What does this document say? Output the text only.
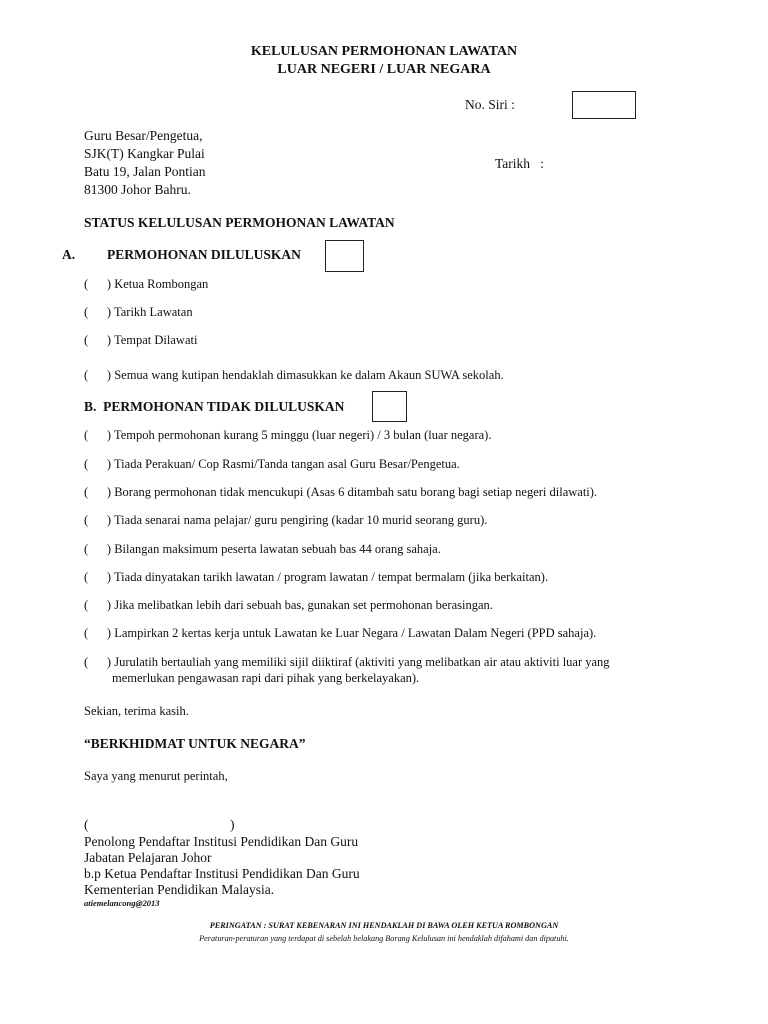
KELULUSAN PERMOHONAN LAWATAN
LUAR NEGERI / LUAR NEGARA
No. Siri :
Guru Besar/Pengetua,
SJK(T) Kangkar Pulai
Batu 19, Jalan Pontian
81300 Johor Bahru.
Tarikh   :
STATUS KELULUSAN PERMOHONAN LAWATAN
A. PERMOHONAN DILULUSKAN
(      ) Ketua Rombongan
(      ) Tarikh Lawatan
(      ) Tempat Dilawati
(      ) Semua wang kutipan hendaklah dimasukkan ke dalam Akaun SUWA sekolah.
B.  PERMOHONAN TIDAK DILULUSKAN
(      ) Tempoh permohonan kurang 5 minggu (luar negeri) / 3 bulan (luar negara).
(      ) Tiada Perakuan/ Cop Rasmi/Tanda tangan asal Guru Besar/Pengetua.
(      ) Borang permohonan tidak mencukupi (Asas 6 ditambah satu borang bagi setiap negeri dilawati).
(      ) Tiada senarai nama pelajar/ guru pengiring (kadar 10 murid seorang guru).
(      ) Bilangan maksimum peserta lawatan sebuah bas 44 orang sahaja.
(      ) Tiada dinyatakan tarikh lawatan / program lawatan / tempat bermalam (jika berkaitan).
(      ) Jika melibatkan lebih dari sebuah bas, gunakan set permohonan berasingan.
(      ) Lampirkan 2 kertas kerja untuk Lawatan ke Luar Negara / Lawatan Dalam Negeri (PPD sahaja).
(      ) Jurulatih bertauliah yang memiliki sijil diiktiraf (aktiviti yang melibatkan air atau aktiviti luar yang
memerlukan pengawasan rapi dari pihak yang berkelayakan).
Sekian, terima kasih.
“BERKHIDMAT UNTUK NEGARA”
Saya yang menurut perintah,
(	)
Penolong Pendaftar Institusi Pendidikan Dan Guru
Jabatan Pelajaran Johor
b.p Ketua Pendaftar Institusi Pendidikan Dan Guru
Kementerian Pendidikan Malaysia.
atiemelancong@2013
PERINGATAN : SURAT KEBENARAN INI HENDAKLAH DI BAWA OLEH KETUA ROMBONGAN
Peraturan-peraturan yang terdapat di sebelah belakang Borang Kelulusan ini hendaklah difahami dan dipatuhi.
